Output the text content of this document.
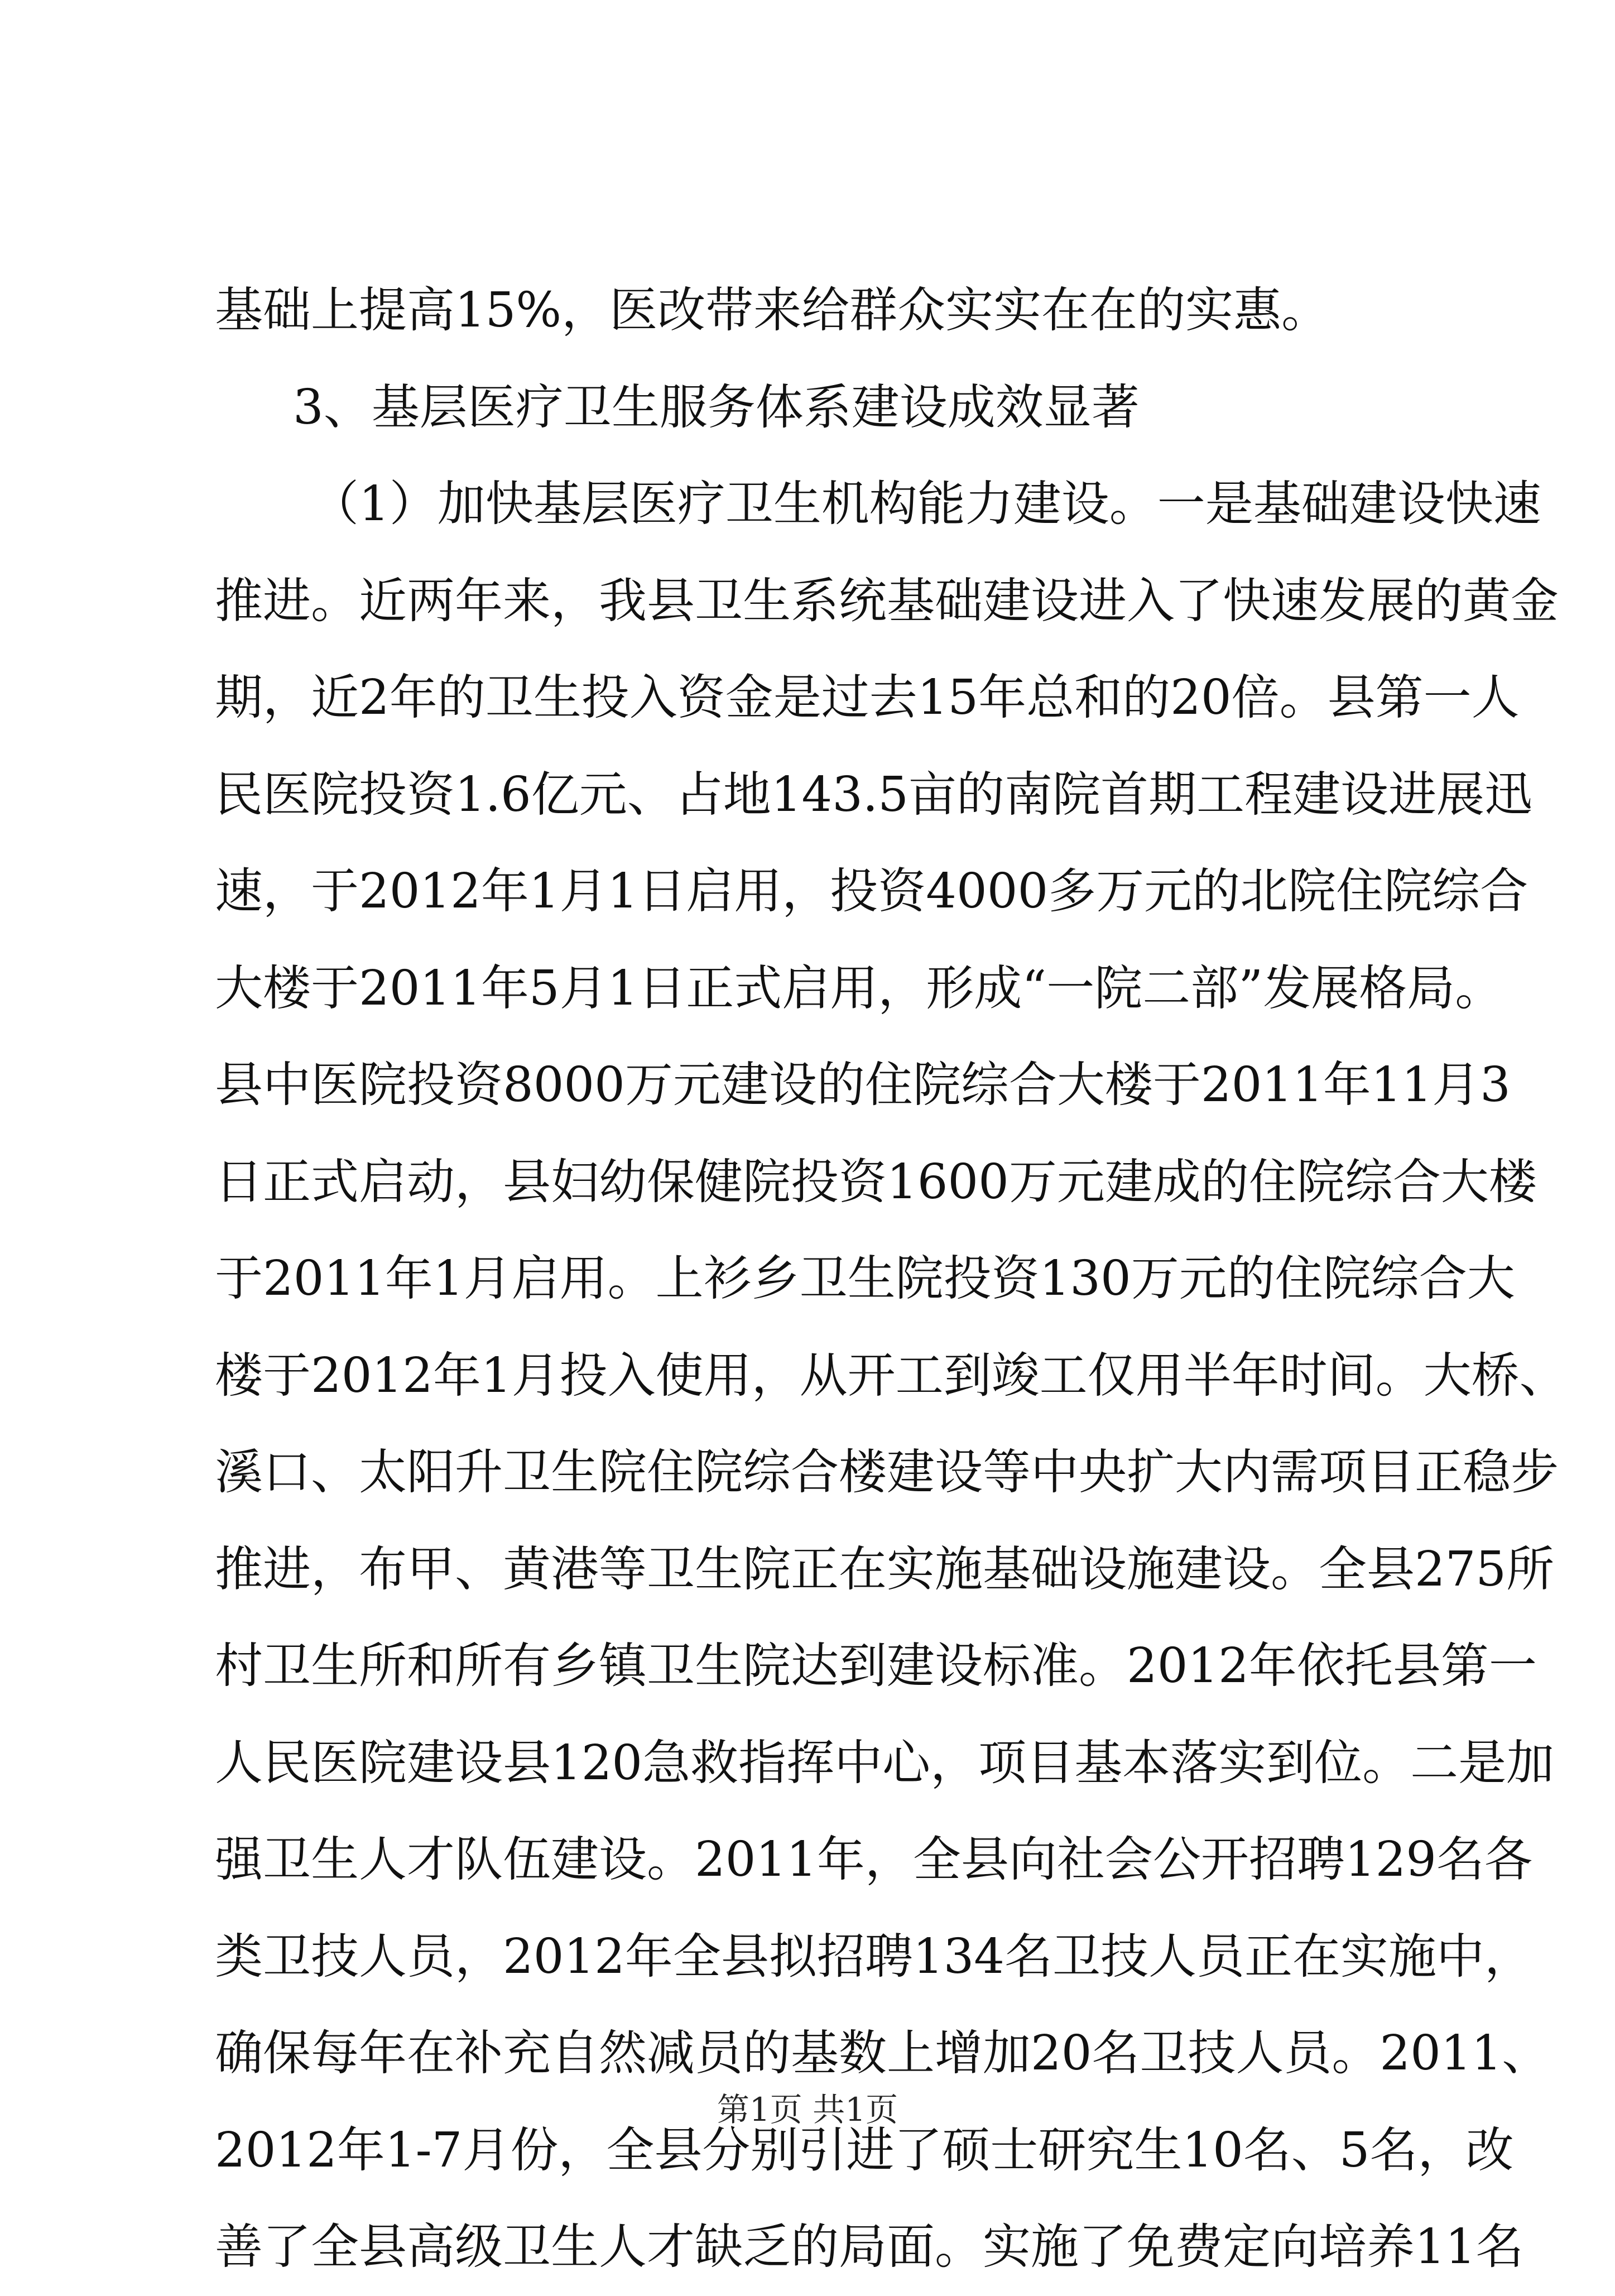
基础上提高15%，医改带来给群众实实在在的实惠。
3、基层医疗卫生服务体系建设成效显著
（1）加快基层医疗卫生机构能力建设。一是基础建设快速
推进。近两年来，我县卫生系统基础建设进入了快速发展的黄金
期，近2年的卫生投入资金是过去15年总和的20倍。县第一人
民医院投资1.6亿元、占地143.5亩的南院首期工程建设进展迅
速，于2012年1月1日启用，投资4000多万元的北院住院综合
大楼于2011年5月1日正式启用，形成“一院二部”发展格局。
县中医院投资8000万元建设的住院综合大楼于2011年11月3
日正式启动，县妇幼保健院投资1600万元建成的住院综合大楼
于2011年1月启用。上衫乡卫生院投资130万元的住院综合大
楼于2012年1月投入使用，从开工到竣工仅用半年时间。大桥、
溪口、太阳升卫生院住院综合楼建设等中央扩大内需项目正稳步
推进，布甲、黄港等卫生院正在实施基础设施建设。全县275所
村卫生所和所有乡镇卫生院达到建设标准。2012年依托县第一
人民医院建设县120急救指挥中心，项目基本落实到位。二是加
强卫生人才队伍建设。2011年，全县向社会公开招聘129名各
类卫技人员，2012年全县拟招聘134名卫技人员正在实施中，
确保每年在补充自然减员的基数上增加20名卫技人员。2011、
2012年1-7月份，全县分别引进了硕士研究生10名、5名，改
善了全县高级卫生人才缺乏的局面。实施了免费定向培养11名
第1页 共1页
